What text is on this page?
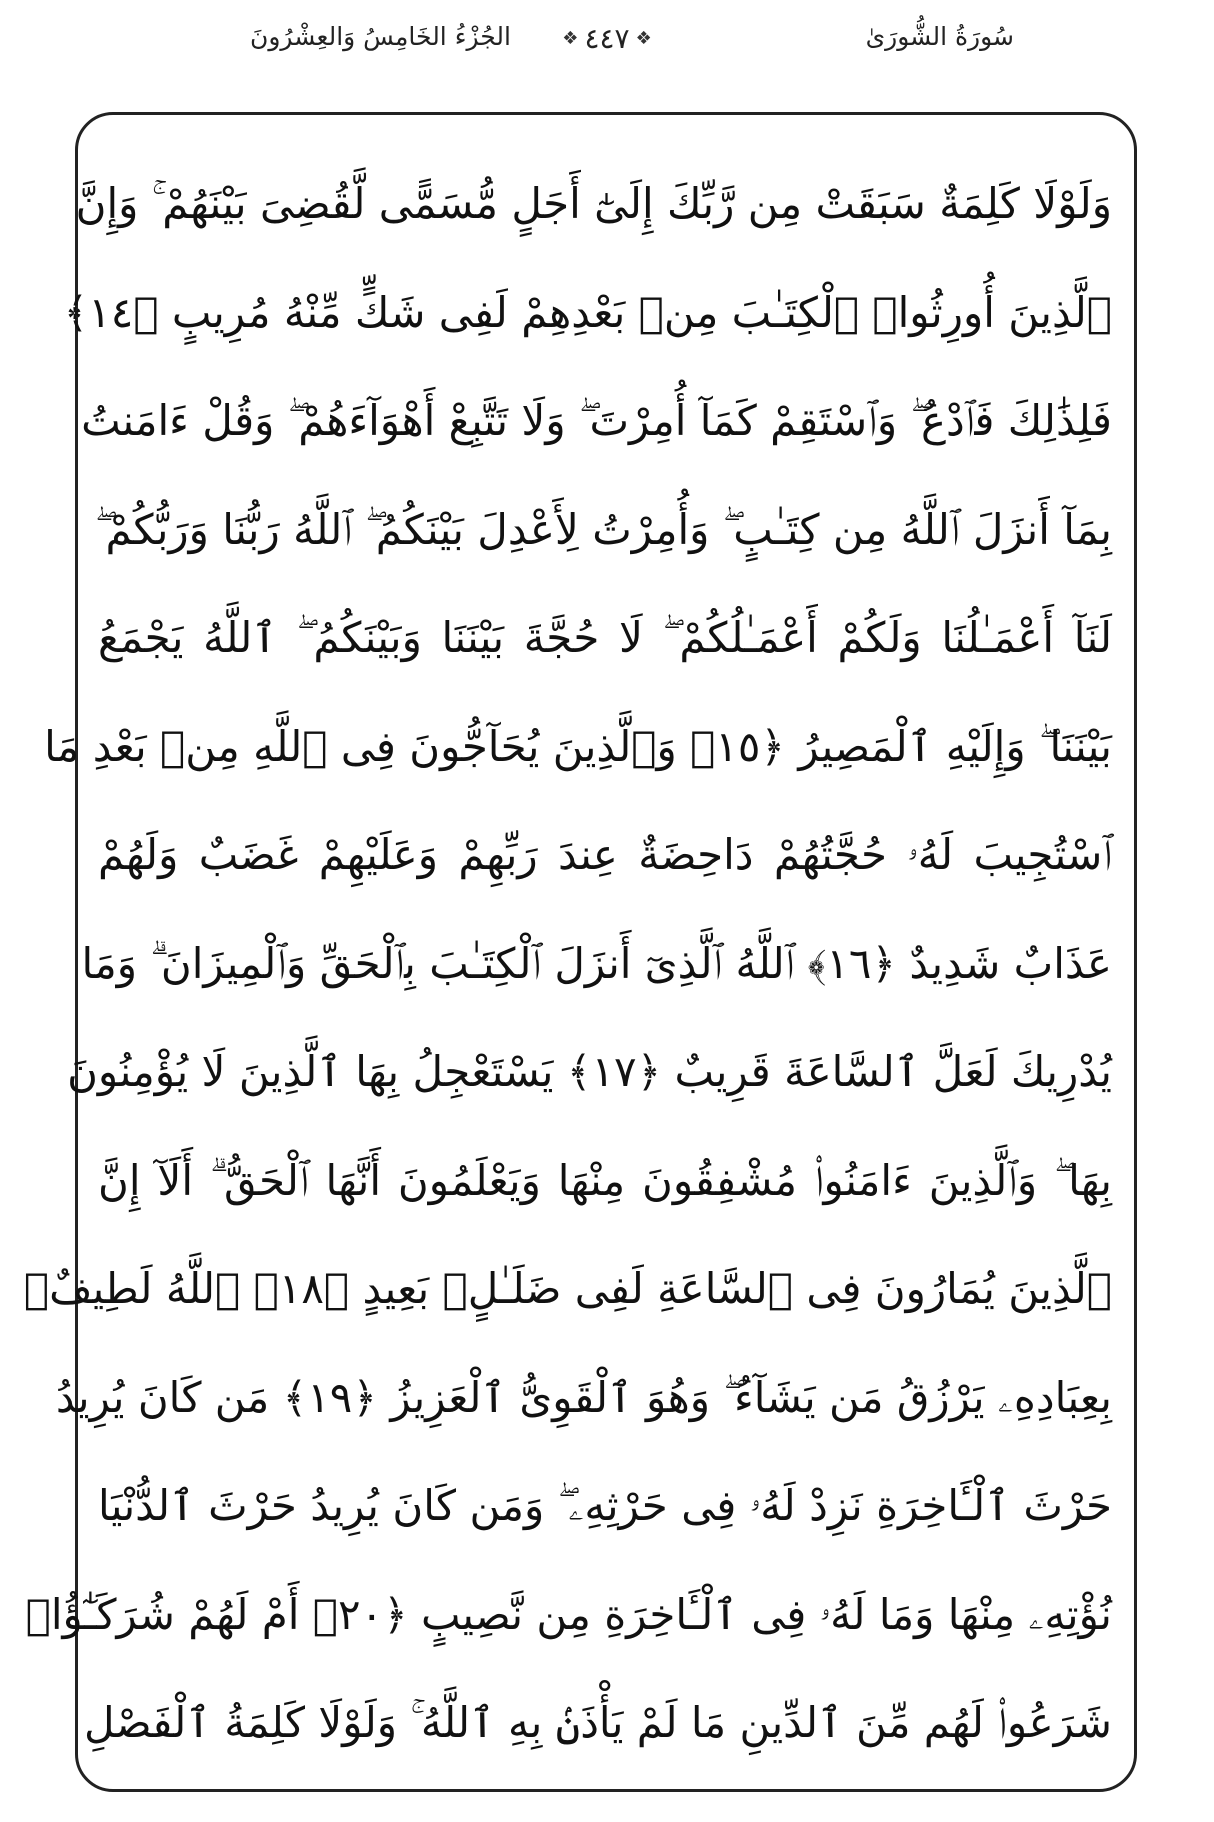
سُورَةُ الشُّورَىٰ
❖ ٤٤٧ ❖
الجُزْءُ الخَامِسُ وَالعِشْرُونَ
وَلَوْلَا كَلِمَةٌ سَبَقَتْ مِن رَّبِّكَ إِلَىٰٓ أَجَلٍ مُّسَمًّى لَّقُضِىَ بَيْنَهُمْ ۚ وَإِنَّ
ٱلَّذِينَ أُورِثُوا۟ ٱلْكِتَـٰبَ مِنۢ بَعْدِهِمْ لَفِى شَكٍّ مِّنْهُ مُرِيبٍ ﴿١٤﴾
فَلِذَٰلِكَ فَٱدْعُ ۖ وَٱسْتَقِمْ كَمَآ أُمِرْتَ ۖ وَلَا تَتَّبِعْ أَهْوَآءَهُمْ ۖ وَقُلْ ءَامَنتُ
بِمَآ أَنزَلَ ٱللَّهُ مِن كِتَـٰبٍ ۖ وَأُمِرْتُ لِأَعْدِلَ بَيْنَكُمُ ۖ ٱللَّهُ رَبُّنَا وَرَبُّكُمْ ۖ
لَنَآ أَعْمَـٰلُنَا وَلَكُمْ أَعْمَـٰلُكُمْ ۖ لَا حُجَّةَ بَيْنَنَا وَبَيْنَكُمُ ۖ ٱللَّهُ يَجْمَعُ
بَيْنَنَا ۖ وَإِلَيْهِ ٱلْمَصِيرُ ﴿١٥﴾ وَٱلَّذِينَ يُحَآجُّونَ فِى ٱللَّهِ مِنۢ بَعْدِ مَا
ٱسْتُجِيبَ لَهُۥ حُجَّتُهُمْ دَاحِضَةٌ عِندَ رَبِّهِمْ وَعَلَيْهِمْ غَضَبٌ وَلَهُمْ
عَذَابٌ شَدِيدٌ ﴿١٦﴾ ٱللَّهُ ٱلَّذِىٓ أَنزَلَ ٱلْكِتَـٰبَ بِٱلْحَقِّ وَٱلْمِيزَانَ ۗ وَمَا
يُدْرِيكَ لَعَلَّ ٱلسَّاعَةَ قَرِيبٌ ﴿١٧﴾ يَسْتَعْجِلُ بِهَا ٱلَّذِينَ لَا يُؤْمِنُونَ
بِهَا ۖ وَٱلَّذِينَ ءَامَنُوا۟ مُشْفِقُونَ مِنْهَا وَيَعْلَمُونَ أَنَّهَا ٱلْحَقُّ ۗ أَلَآ إِنَّ
ٱلَّذِينَ يُمَارُونَ فِى ٱلسَّاعَةِ لَفِى ضَلَـٰلٍۭ بَعِيدٍ ﴿١٨﴾ ٱللَّهُ لَطِيفٌۢ
بِعِبَادِهِۦ يَرْزُقُ مَن يَشَآءُ ۖ وَهُوَ ٱلْقَوِىُّ ٱلْعَزِيزُ ﴿١٩﴾ مَن كَانَ يُرِيدُ
حَرْثَ ٱلْـَٔاخِرَةِ نَزِدْ لَهُۥ فِى حَرْثِهِۦ ۖ وَمَن كَانَ يُرِيدُ حَرْثَ ٱلدُّنْيَا
نُؤْتِهِۦ مِنْهَا وَمَا لَهُۥ فِى ٱلْـَٔاخِرَةِ مِن نَّصِيبٍ ﴿٢٠﴾ أَمْ لَهُمْ شُرَكَـٰٓؤُا۟
شَرَعُوا۟ لَهُم مِّنَ ٱلدِّينِ مَا لَمْ يَأْذَنۢ بِهِ ٱللَّهُ ۚ وَلَوْلَا كَلِمَةُ ٱلْفَصْلِ
